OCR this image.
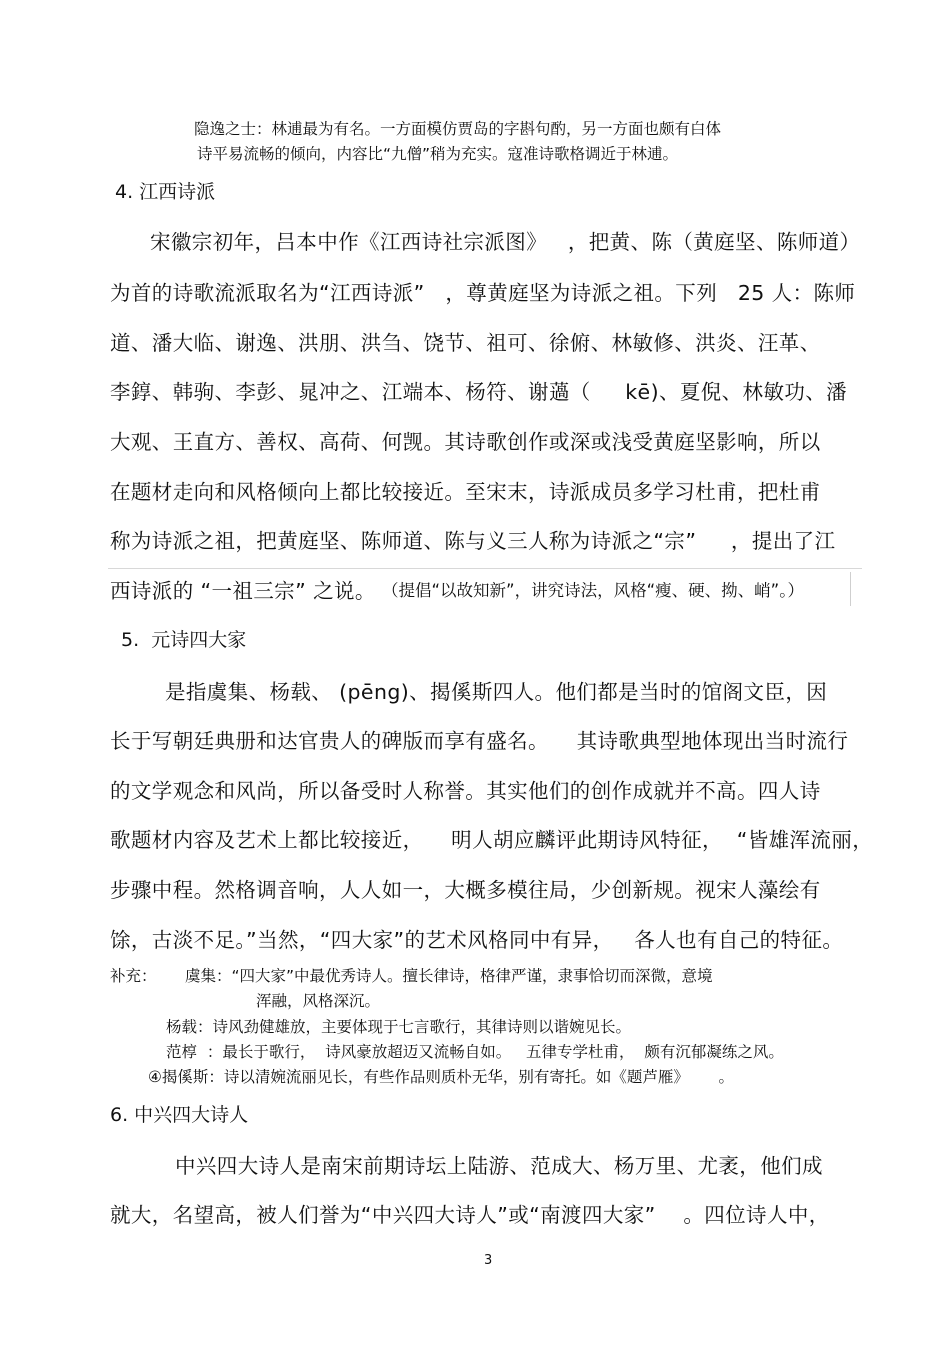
隐逸之士：林逋最为有名。一方面模仿贾岛的字斟句酌，另一方面也颇有白体
诗平易流畅的倾向，内容比“九僧”稍为充实。寇准诗歌格调近于林逋。
4. 江西诗派
宋徽宗初年，吕本中作《江西诗社宗派图》   ，把黄、陈（黄庭坚、陈师道）
为首的诗歌流派取名为“江西诗派”   ，尊黄庭坚为诗派之祖。下列   25 人：陈师
道、潘大临、谢逸、洪朋、洪刍、饶节、祖可、徐俯、林敏修、洪炎、汪革、
李錞、韩驹、李彭、晁冲之、江端本、杨符、谢薖（     kē)、夏倪、林敏功、潘
大观、王直方、善权、高荷、何觊。其诗歌创作或深或浅受黄庭坚影响，所以
在题材走向和风格倾向上都比较接近。至宋末，诗派成员多学习杜甫，把杜甫
称为诗派之祖，把黄庭坚、陈师道、陈与义三人称为诗派之“宗”     ，提出了江
西诗派的 “一祖三宗” 之说。 （提倡“以故知新”，讲究诗法，风格“瘦、硬、拗、峭”。）
5.  元诗四大家
是指虞集、杨载、 (pēng)、揭傒斯四人。他们都是当时的馆阁文臣，因
长于写朝廷典册和达官贵人的碑版而享有盛名。    其诗歌典型地体现出当时流行
的文学观念和风尚，所以备受时人称誉。其实他们的创作成就并不高。四人诗
歌题材内容及艺术上都比较接近，    明人胡应麟评此期诗风特征，  “皆雄浑流丽，
步骤中程。然格调音响，人人如一，大概多模往局，少创新规。视宋人藻绘有
馀，古淡不足。”当然，“四大家”的艺术风格同中有异，   各人也有自己的特征。
补充： 虞集：“四大家”中最优秀诗人。擅长律诗，格律严谨，隶事恰切而深微，意境
浑融，风格深沉。
杨载：诗风劲健雄放，主要体现于七言歌行，其律诗则以谐婉见长。
范椁  ：最长于歌行，  诗风豪放超迈又流畅自如。   五律专学杜甫，  颇有沉郁凝练之风。
④揭傒斯：诗以清婉流丽见长，有些作品则质朴无华，别有寄托。如《题芦雁》      。
6. 中兴四大诗人
中兴四大诗人是南宋前期诗坛上陆游、范成大、杨万里、尤袤，他们成
就大，名望高，被人们誉为“中兴四大诗人”或“南渡四大家”    。四位诗人中，
3
